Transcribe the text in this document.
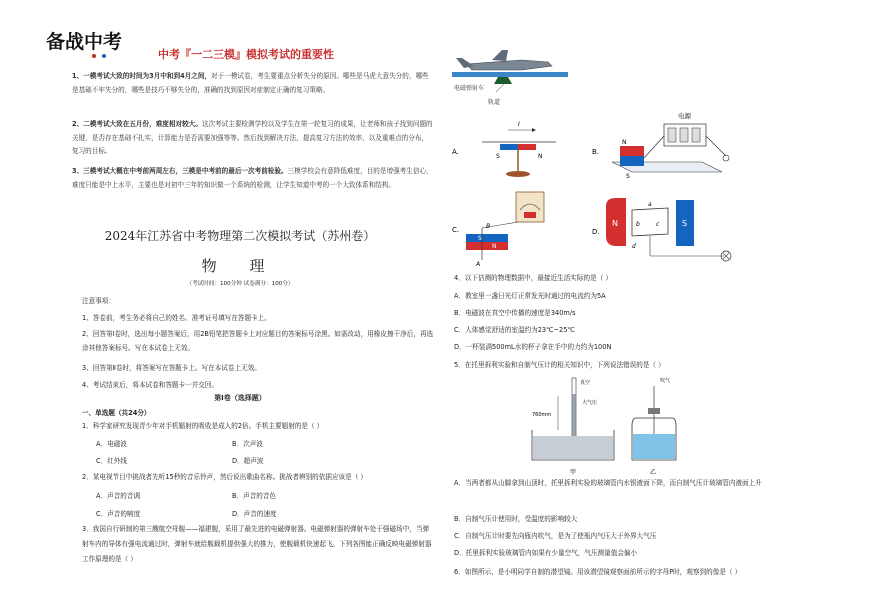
备战中考
中考『一二三模』模拟考试的重要性
1、一模考试大致的时间为3月中和到4月之间，对于一模试卷，考生要重点分析失分的原因。哪些是马虎大意失分的，哪些是基础不牢失分的，哪些是技巧不够失分的，准确的找到原因对症制定正确的复习策略。
2、二模考试大致在五月份，难度相对较大。这次考试主要检测学校以及学生在第一轮复习的成果，让老师和孩子找到问题的关键，是否存在基础不扎实，计算能力是否需要加强等等。然后找到解决方法，提高复习方法的效率，以及重难点的分布，复习的目标。
3、三模考试大概在中考前两周左右，三模是中考前的最后一次考前检验。三模学校会有意降低难度，目的是增强考生信心，难度只能是中上水平，主要也是对初中三年的知识做一个系统的检测，让学生知道中考的一个大致体系和结构。
2024年江苏省中考物理第二次模拟考试（苏州卷）
物 理
（考试时间：100分钟 试卷满分：100分）
注意事项：
1、答卷前，考生务必将自己的姓名、准考证号填写在答题卡上。
2、回答第Ⅰ卷时，选出每小题答案后，用2B铅笔把答题卡上对应题目的答案标号涂黑。如需改动，用橡皮擦干净后，再选涂其他答案标号。写在本试卷上无效。
3、回答第Ⅱ卷时，将答案写在答题卡上。写在本试卷上无效。
4、考试结束后，将本试卷和答题卡一并交回。
第Ⅰ卷（选择题）
一、单选题（共24分）
1．科学家研究发现青少年对手机辐射的吸收是成人的2倍。手机主要辐射的是（ ）
A．电磁波	B．次声波
C．红外线	D．超声波
2．某电视节目中挑战者先听15秒的音乐铃声，然后说出歌曲名称。挑战者辨别的依据应该是（ ）
A．声音的音调	B．声音的音色
C．声音的响度	D．声音的速度
3．我国自行研制的第三艘航空母舰——福建舰，采用了最先进的电磁弹射器。电磁弹射器的弹射车处于强磁场中，当弹射车内的导体有强电流通过时，弹射车就给舰载机提供强大的推力，使舰载机快速起飞。下列各图能正确反映电磁弹射器工作原理的是（ ）
电磁弹射车
轨道
A.
I
S	N
B.
电源
N
S
C.
N
S
B
A
D.
N	S
a
b	c
d
4．以下估测的物理数据中，最接近生活实际的是（ ）
A．教室里一盏日光灯正常发光时通过的电流约为5A
B．电磁波在真空中传播的速度是340m/s
C．人体感觉舒适的室温约为23℃~25℃
D．一杯装满500mL水的杯子拿在手中的力约为100N
5．在托里拆利实验和自制气压计的相关知识中，下列说法错误的是（ ）
真空
760mm
大气压
甲
吹气
乙
A．当两者都从山脚拿到山顶时，托里拆利实验的玻璃管内水银液面下降，而自制气压计玻璃管内液面上升
B．自制气压计使用时，受温度的影响较大
C．自制气压计时要先向瓶内吹气，是为了使瓶内气压大于外界大气压
D．托里拆利实验玻璃管内如果有少量空气，气压测量值会偏小
6．如图所示，是小明同学自制的潜望镜。用该潜望镜观察面前所示的字母P时，观察到的像是（ ）
